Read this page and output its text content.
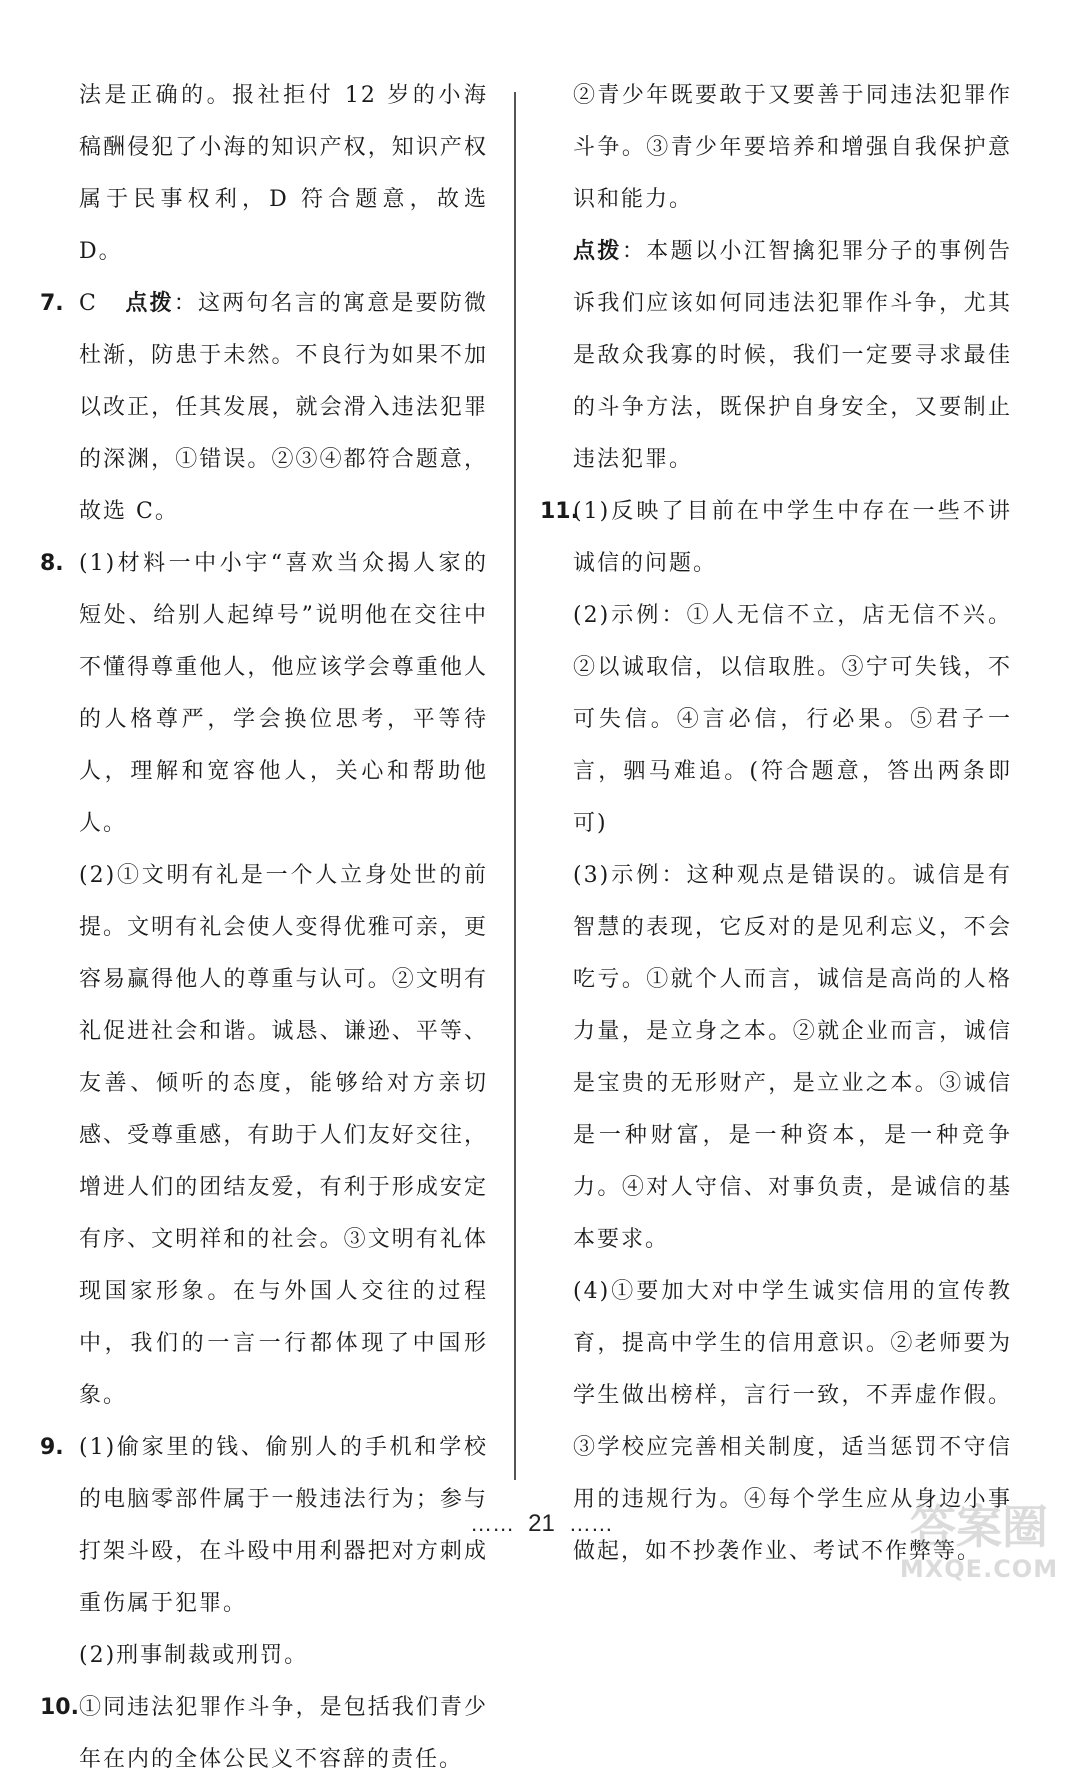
法是正确的。报社拒付 12 岁的小海稿酬侵犯了小海的知识产权，知识产权属于民事权利，D 符合题意，故选 D。

7. C 点拨：这两句名言的寓意是要防微杜渐，防患于未然。不良行为如果不加以改正，任其发展，就会滑入违法犯罪的深渊，①错误。②③④都符合题意，故选 C。

8. (1)材料一中小宇“喜欢当众揭人家的短处、给别人起绰号”说明他在交往中不懂得尊重他人，他应该学会尊重他人的人格尊严，学会换位思考，平等待人，理解和宽容他人，关心和帮助他人。

(2)①文明有礼是一个人立身处世的前提。文明有礼会使人变得优雅可亲，更容易赢得他人的尊重与认可。②文明有礼促进社会和谐。诚恳、谦逊、平等、友善、倾听的态度，能够给对方亲切感、受尊重感，有助于人们友好交往，增进人们的团结友爱，有利于形成安定有序、文明祥和的社会。③文明有礼体现国家形象。在与外国人交往的过程中，我们的一言一行都体现了中国形象。

9. (1)偷家里的钱、偷别人的手机和学校的电脑零部件属于一般违法行为；参与打架斗殴，在斗殴中用利器把对方刺成重伤属于犯罪。

(2)刑事制裁或刑罚。

10.①同违法犯罪作斗争，是包括我们青少年在内的全体公民义不容辞的责任。

②青少年既要敢于又要善于同违法犯罪作斗争。③青少年要培养和增强自我保护意识和能力。

点拨：本题以小江智擒犯罪分子的事例告诉我们应该如何同违法犯罪作斗争，尤其是敌众我寡的时候，我们一定要寻求最佳的斗争方法，既保护自身安全，又要制止违法犯罪。

11.(1)反映了目前在中学生中存在一些不讲诚信的问题。

(2)示例：①人无信不立，店无信不兴。②以诚取信，以信取胜。③宁可失钱，不可失信。④言必信，行必果。⑤君子一言，驷马难追。(符合题意，答出两条即可)

(3)示例：这种观点是错误的。诚信是有智慧的表现，它反对的是见利忘义，不会吃亏。①就个人而言，诚信是高尚的人格力量，是立身之本。②就企业而言，诚信是宝贵的无形财产，是立业之本。③诚信是一种财富，是一种资本，是一种竞争力。④对人守信、对事负责，是诚信的基本要求。

(4)①要加大对中学生诚实信用的宣传教育，提高中学生的信用意识。②老师要为学生做出榜样，言行一致，不弄虚作假。③学校应完善相关制度，适当惩罚不守信用的违规行为。④每个学生应从身边小事做起，如不抄袭作业、考试不作弊等。

…… 21 ……	答案圈
MXQE.COM
